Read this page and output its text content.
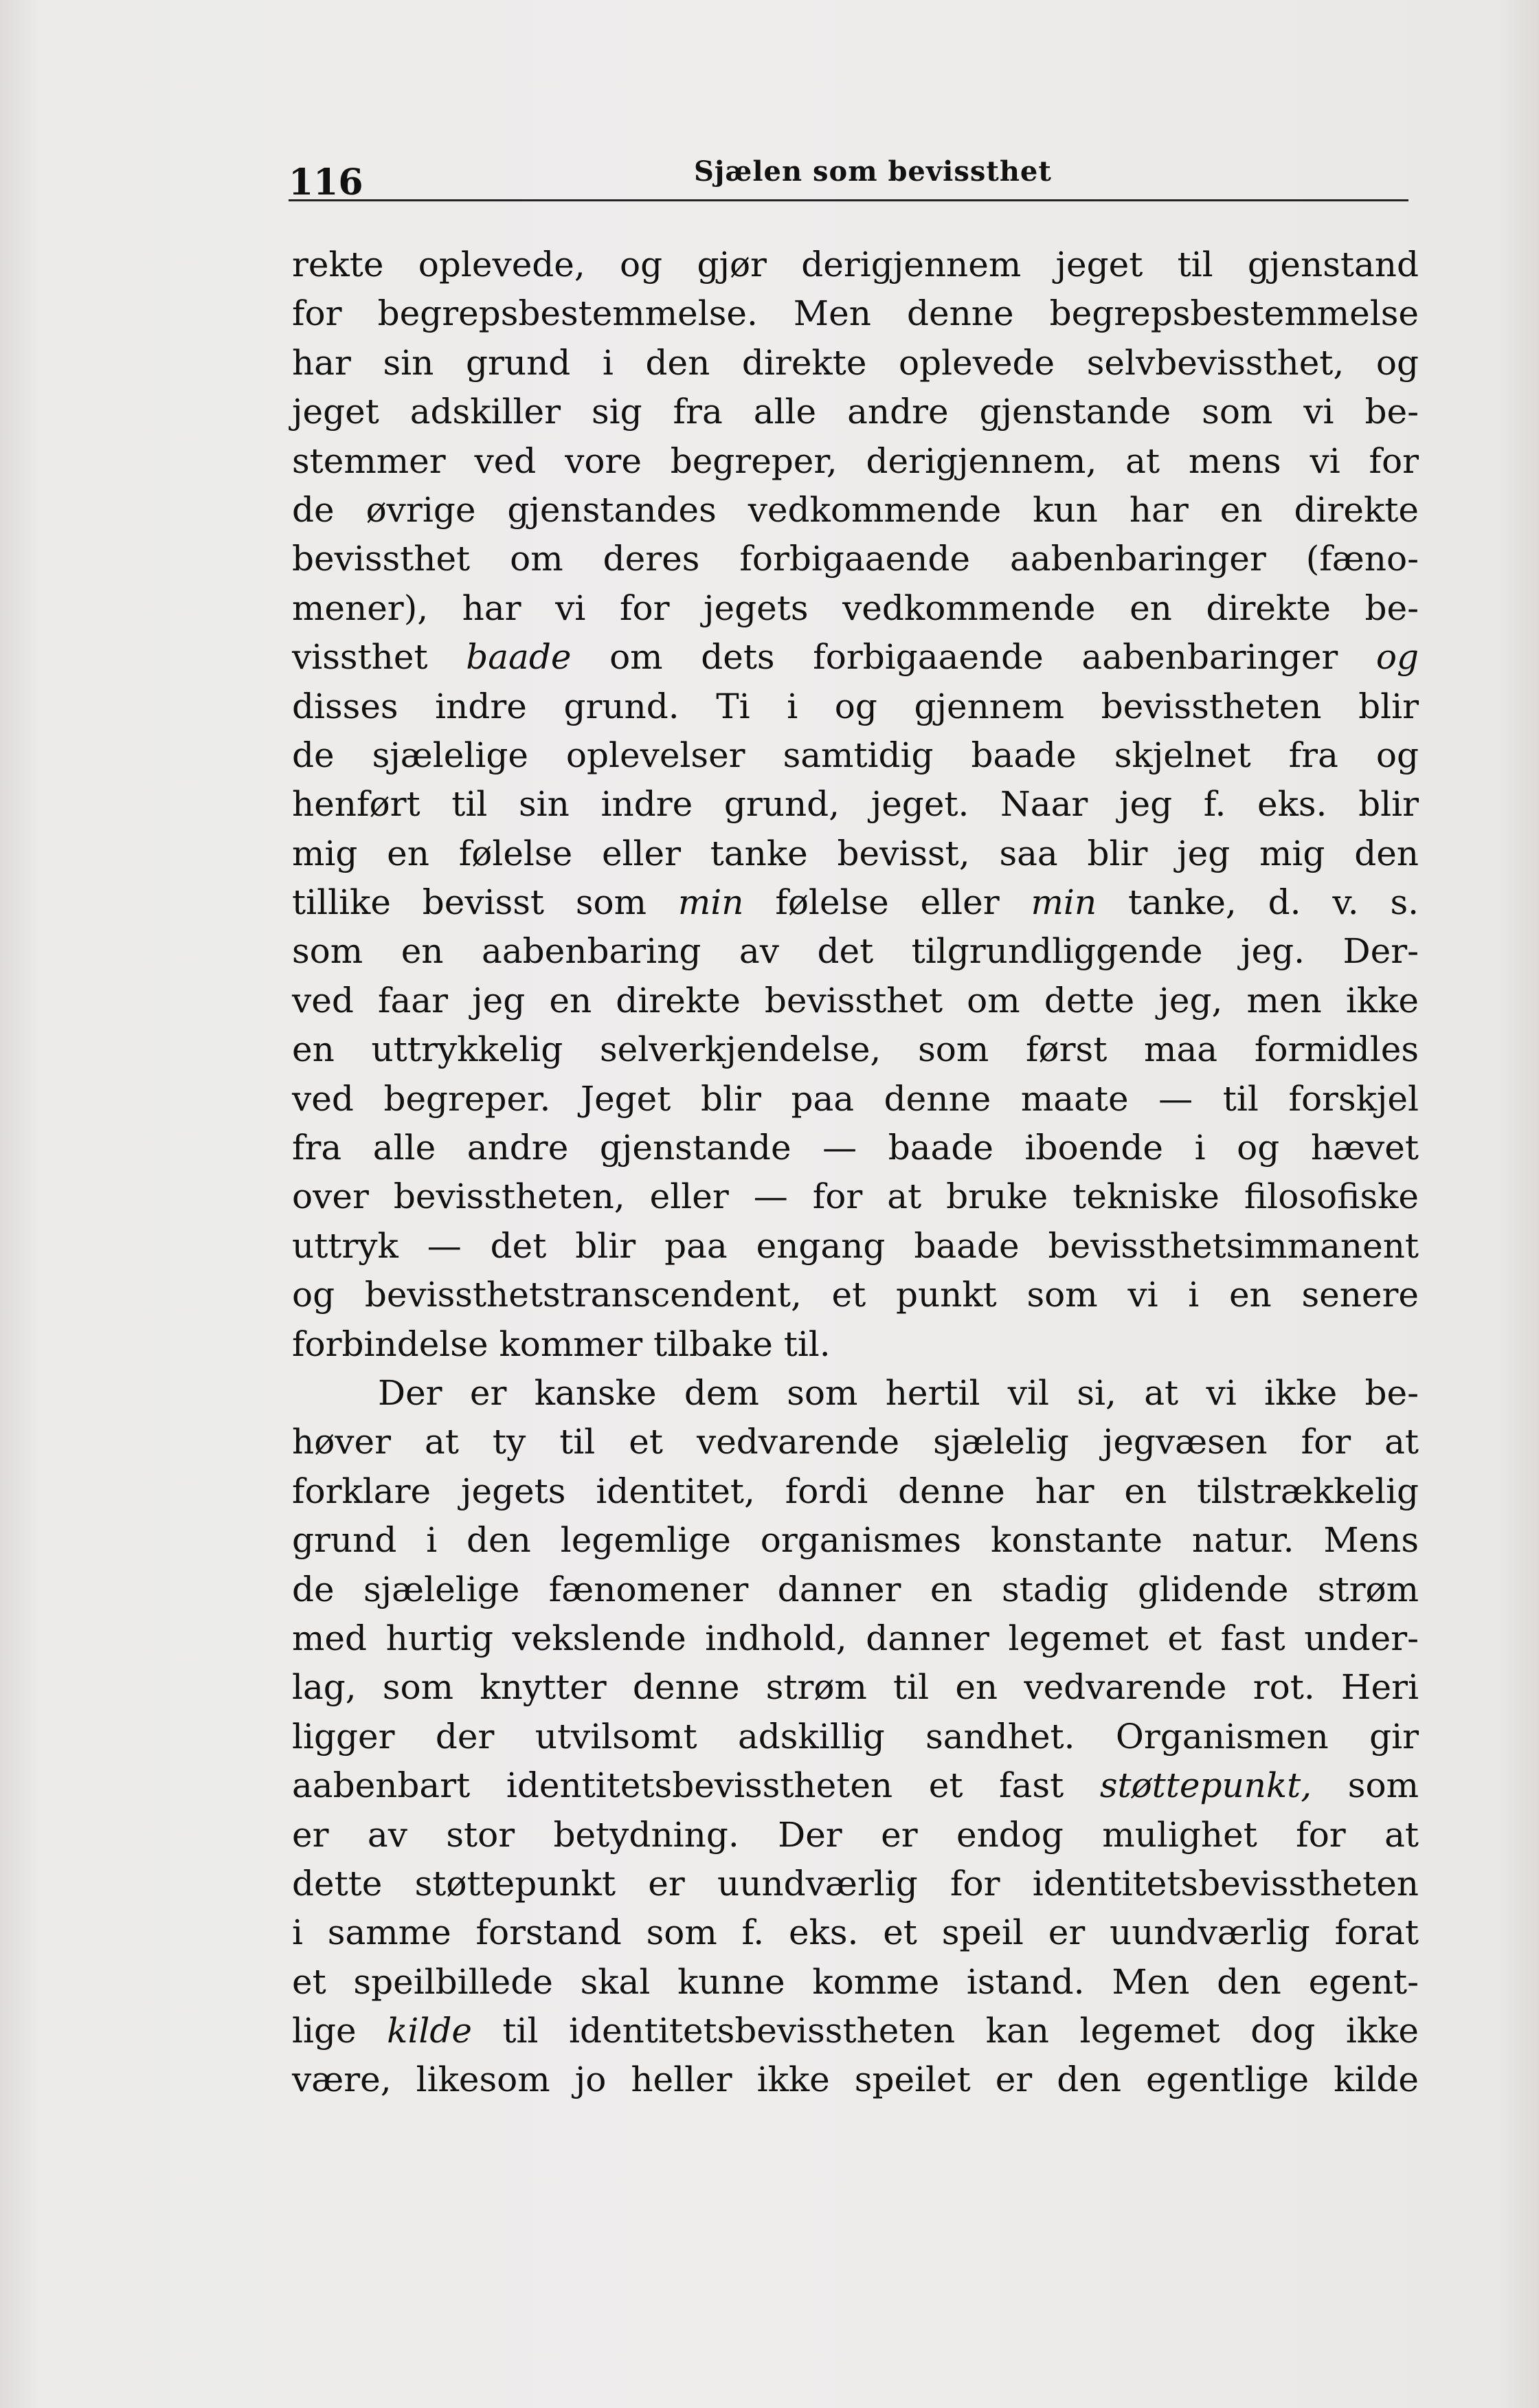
116	Sjælen som bevissthet
rekte oplevede, og gjør derigjennem jeget til gjenstand
for begrepsbestemmelse. Men denne begrepsbestemmelse
har sin grund i den direkte oplevede selvbevissthet, og
jeget adskiller sig fra alle andre gjenstande som vi be-
stemmer ved vore begreper, derigjennem, at mens vi for
de øvrige gjenstandes vedkommende kun har en direkte
bevissthet om deres forbigaaende aabenbaringer (fæno-
mener), har vi for jegets vedkommende en direkte be-
vissthet baade om dets forbigaaende aabenbaringer og
disses indre grund. Ti i og gjennem bevisstheten blir
de sjælelige oplevelser samtidig baade skjelnet fra og
henført til sin indre grund, jeget. Naar jeg f. eks. blir
mig en følelse eller tanke bevisst, saa blir jeg mig den
tillike bevisst som min følelse eller min tanke, d. v. s.
som en aabenbaring av det tilgrundliggende jeg. Der-
ved faar jeg en direkte bevissthet om dette jeg, men ikke
en uttrykkelig selverkjendelse, som først maa formidles
ved begreper. Jeget blir paa denne maate — til forskjel
fra alle andre gjenstande — baade iboende i og hævet
over bevisstheten, eller — for at bruke tekniske filosofiske
uttryk — det blir paa engang baade bevissthetsimmanent
og bevissthetstranscendent, et punkt som vi i en senere
forbindelse kommer tilbake til.
Der er kanske dem som hertil vil si, at vi ikke be-
høver at ty til et vedvarende sjælelig jegvæsen for at
forklare jegets identitet, fordi denne har en tilstrækkelig
grund i den legemlige organismes konstante natur. Mens
de sjælelige fænomener danner en stadig glidende strøm
med hurtig vekslende indhold, danner legemet et fast under-
lag, som knytter denne strøm til en vedvarende rot. Heri
ligger der utvilsomt adskillig sandhet. Organismen gir
aabenbart identitetsbevisstheten et fast støttepunkt, som
er av stor betydning. Der er endog mulighet for at
dette støttepunkt er uundværlig for identitetsbevisstheten
i samme forstand som f. eks. et speil er uundværlig forat
et speilbillede skal kunne komme istand. Men den egent-
lige kilde til identitetsbevisstheten kan legemet dog ikke
være, likesom jo heller ikke speilet er den egentlige kilde
